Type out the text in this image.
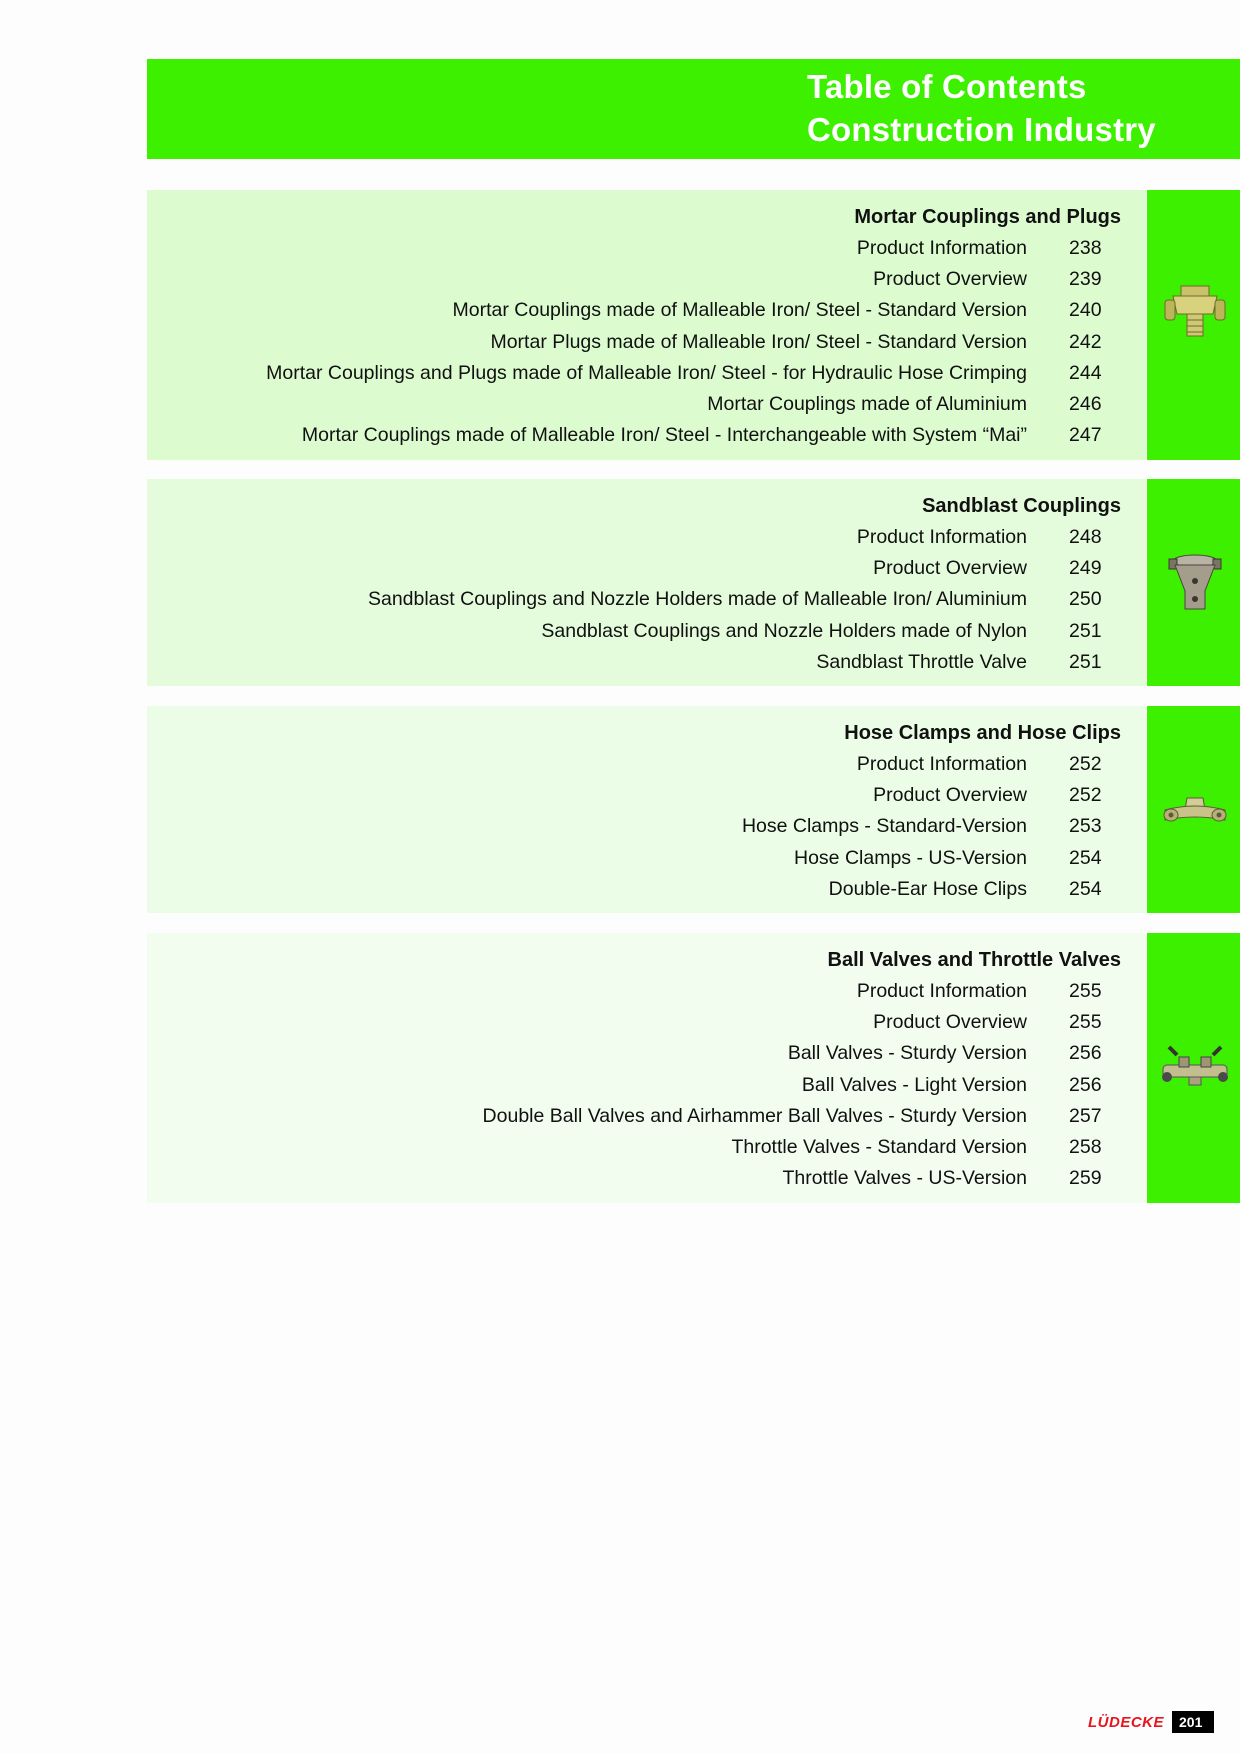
Table of Contents
Construction Industry
Mortar Couplings and Plugs
Product Information 238
Product Overview 239
Mortar Couplings made of Malleable Iron/ Steel - Standard Version 240
Mortar Plugs made of Malleable Iron/ Steel - Standard Version 242
Mortar Couplings and Plugs made of Malleable Iron/ Steel - for Hydraulic Hose Crimping 244
Mortar Couplings made of Aluminium 246
Mortar Couplings made of Malleable Iron/ Steel - Interchangeable with System “Mai” 247
Sandblast Couplings
Product Information 248
Product Overview 249
Sandblast Couplings and Nozzle Holders made of Malleable Iron/ Aluminium 250
Sandblast Couplings and Nozzle Holders made of Nylon 251
Sandblast Throttle Valve 251
Hose Clamps and Hose Clips
Product Information 252
Product Overview 252
Hose Clamps - Standard-Version 253
Hose Clamps - US-Version 254
Double-Ear Hose Clips 254
Ball Valves and Throttle Valves
Product Information 255
Product Overview 255
Ball Valves - Sturdy Version 256
Ball Valves - Light Version 256
Double Ball Valves and Airhammer Ball Valves - Sturdy Version 257
Throttle Valves - Standard Version 258
Throttle Valves - US-Version 259
LÜDECKE	201
